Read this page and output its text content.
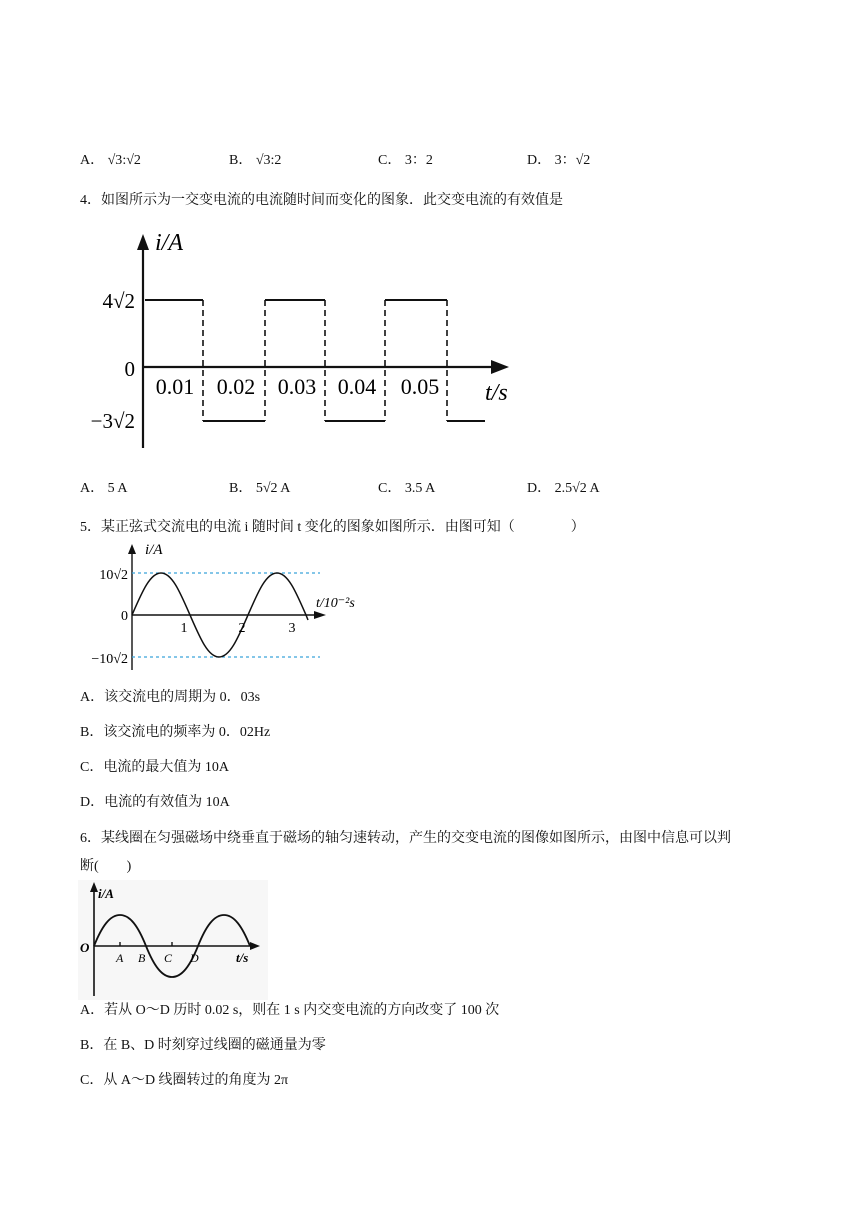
A． √3:√2	B． √3:2	C． 3：2	D． 3：√2
4．如图所示为一交变电流的电流随时间而变化的图象．此交变电流的有效值是
i/A
4√2
0
−3√2
0.01 0.02 0.03 0.04 0.05 t/s
A． 5 A	B． 5√2 A	C． 3.5 A	D． 2.5√2 A
5．某正弦式交流电的电流 i 随时间 t 变化的图象如图所示．由图可知（　　　　）
i/A
10√2
0
−10√2
1	2	3
t/10⁻²s
A．该交流电的周期为 0．03s
B．该交流电的频率为 0．02Hz
C．电流的最大值为 10A
D．电流的有效值为 10A
6．某线圈在匀强磁场中绕垂直于磁场的轴匀速转动，产生的交变电流的图像如图所示，由图中信息可以判
断(　　)
i/A
O
A B C D	t/s
A．若从 O～D 历时 0.02 s，则在 1 s 内交变电流的方向改变了 100 次
B．在 B、D 时刻穿过线圈的磁通量为零
C．从 A～D 线圈转过的角度为 2π
